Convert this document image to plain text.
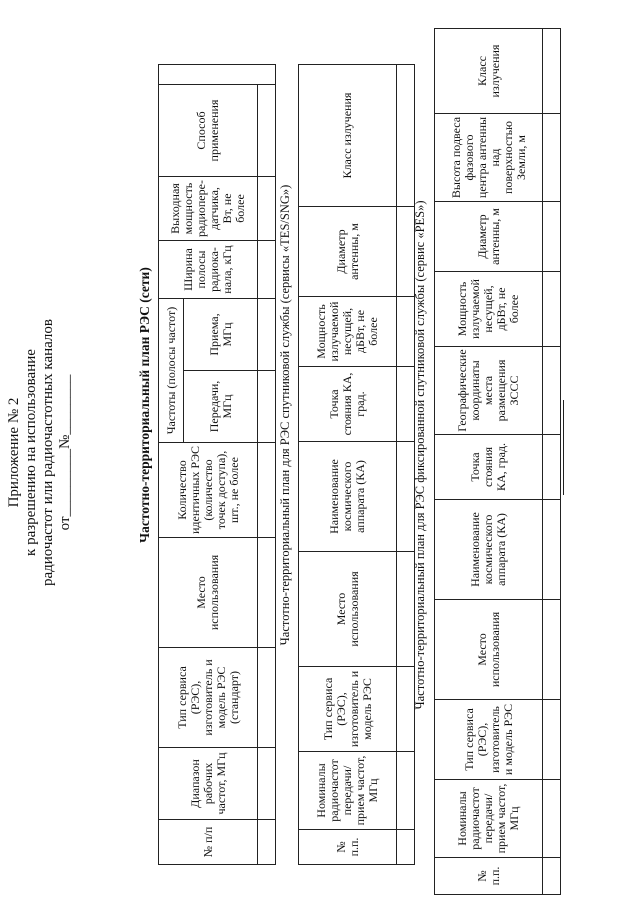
Приложение № 2 к разрешению на использование радиочастот или радиочастотных каналов от_________№________	Частотно-территориальный план РЭС (сети)
№ п/п	Диапазон рабочих частот, МГц	Тип сервиса (РЭС), изготовитель и модель РЭС (стандарт)	Место использования	Количество идентичных РЭС (количество точек доступа), шт., не более	Частоты (полосы частот)		Ширина полосы радиока-нала, кГц	Выходная мощность радиопере-датчика, Вт, не более	Способ применения	
					Передачи, МГц	Приема, МГц				
										Частотно-территориальный план для РЭС спутниковой службы (сервисы «TES/SNG»)
№ п.п.	Номиналы радиочастот передачи/ прием частот, МГц	Тип сервиса (РЭС), изготовитель и модель РЭС	Место использования	Наименование космического аппарата (КА)	Точка стояния КА, град.	Мощность излучаемой несущей, дБВт, не более	Диаметр антенны, м	Класс излучения

Частотно-территориальный план для РЭС фиксированной спутниковой службы (сервис «PES»)
№ п.п.	Номиналы радиочастот передачи/ прием частот, МГц	Тип сервиса (РЭС), изготовитель и модель РЭС	Место использования	Наименование космического аппарата (КА)	Точка стояния КА, град.	Географические координаты места размещения ЗССС	Мощность излучаемой несущей, дБВт, не более	Диаметр антенны, м	Высота подвеса фазового центра антенны над поверхностью Земли, м	Класс излучения
